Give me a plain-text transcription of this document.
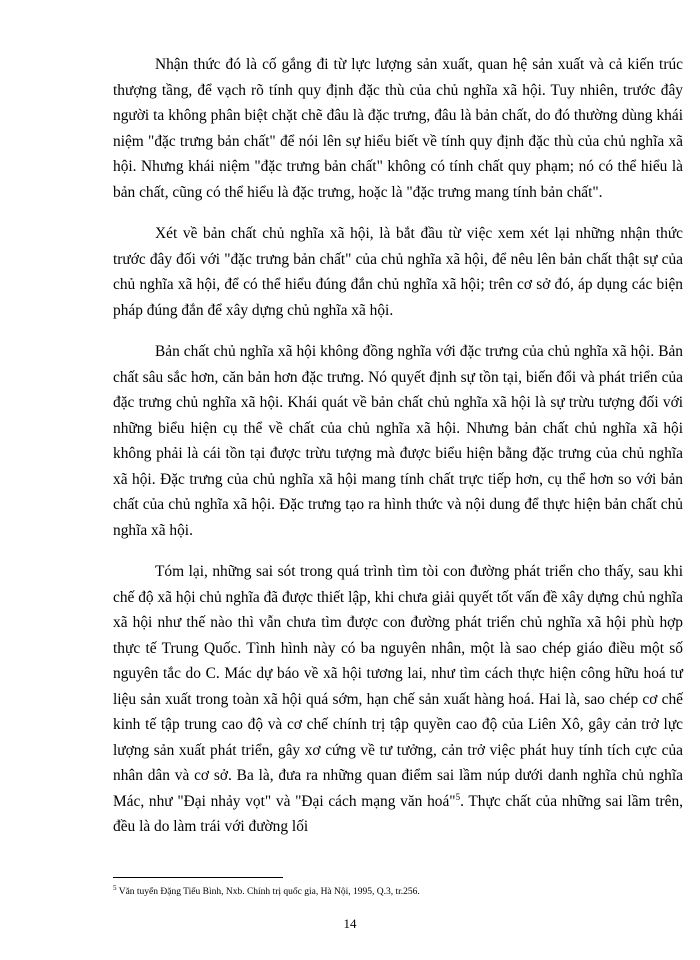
Nhận thức đó là cố gắng đi từ lực lượng sản xuất, quan hệ sản xuất và cả kiến trúc thượng tầng, để vạch rõ tính quy định đặc thù của chủ nghĩa xã hội. Tuy nhiên, trước đây người ta không phân biệt chặt chẽ đâu là đặc trưng, đâu là bản chất, do đó thường dùng khái niệm "đặc trưng bản chất" để nói lên sự hiểu biết về tính quy định đặc thù của chủ nghĩa xã hội. Nhưng khái niệm "đặc trưng bản chất" không có tính chất quy phạm; nó có thể hiểu là bản chất, cũng có thể hiểu là đặc trưng, hoặc là "đặc trưng mang tính bản chất".

Xét về bản chất chủ nghĩa xã hội, là bắt đầu từ việc xem xét lại những nhận thức trước đây đối với "đặc trưng bản chất" của chủ nghĩa xã hội, để nêu lên bản chất thật sự của chủ nghĩa xã hội, để có thể hiểu đúng đắn chủ nghĩa xã hội; trên cơ sở đó, áp dụng các biện pháp đúng đắn để xây dựng chủ nghĩa xã hội.

Bản chất chủ nghĩa xã hội không đồng nghĩa với đặc trưng của chủ nghĩa xã hội. Bản chất sâu sắc hơn, căn bản hơn đặc trưng. Nó quyết định sự tồn tại, biến đổi và phát triển của đặc trưng chủ nghĩa xã hội. Khái quát về bản chất chủ nghĩa xã hội là sự trừu tượng đối với những biểu hiện cụ thể về chất của chủ nghĩa xã hội. Nhưng bản chất chủ nghĩa xã hội không phải là cái tồn tại được trừu tượng mà được biểu hiện bằng đặc trưng của chủ nghĩa xã hội. Đặc trưng của chủ nghĩa xã hội mang tính chất trực tiếp hơn, cụ thể hơn so với bản chất của chủ nghĩa xã hội. Đặc trưng tạo ra hình thức và nội dung để thực hiện bản chất chủ nghĩa xã hội.

Tóm lại, những sai sót trong quá trình tìm tòi con đường phát triển cho thấy, sau khi chế độ xã hội chủ nghĩa đã được thiết lập, khi chưa giải quyết tốt vấn đề xây dựng chủ nghĩa xã hội như thế nào thì vẫn chưa tìm được con đường phát triển chủ nghĩa xã hội phù hợp thực tế Trung Quốc. Tình hình này có ba nguyên nhân, một là sao chép giáo điều một số nguyên tắc do C. Mác dự báo về xã hội tương lai, như tìm cách thực hiện công hữu hoá tư liệu sản xuất trong toàn xã hội quá sớm, hạn chế sản xuất hàng hoá. Hai là, sao chép cơ chế kinh tế tập trung cao độ và cơ chế chính trị tập quyền cao độ của Liên Xô, gây cản trở lực lượng sản xuất phát triển, gây xơ cứng về tư tưởng, cản trở việc phát huy tính tích cực của nhân dân và cơ sở. Ba là, đưa ra những quan điểm sai lầm núp dưới danh nghĩa chủ nghĩa Mác, như "Đại nhảy vọt" và "Đại cách mạng văn hoá"$^5$. Thực chất của những sai lầm trên, đều là do làm trái với đường lối

$^5$ Văn tuyển Đặng Tiểu Bình, Nxb. Chính trị quốc gia, Hà Nội, 1995, Q.3, tr.256.
14
